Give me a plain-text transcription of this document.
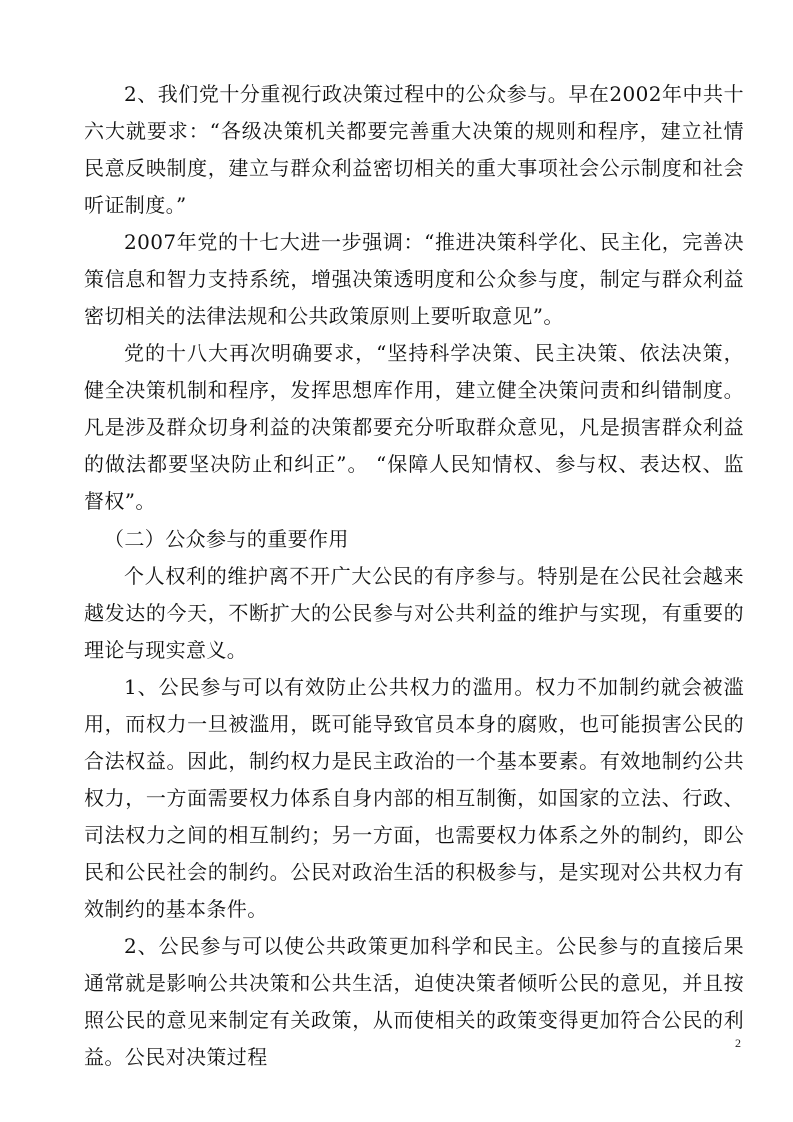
2、我们党十分重视行政决策过程中的公众参与。早在2002年中共十六大就要求：“各级决策机关都要完善重大决策的规则和程序，建立社情民意反映制度，建立与群众利益密切相关的重大事项社会公示制度和社会听证制度。”

2007年党的十七大进一步强调：“推进决策科学化、民主化，完善决策信息和智力支持系统，增强决策透明度和公众参与度，制定与群众利益密切相关的法律法规和公共政策原则上要听取意见”。

党的十八大再次明确要求，“坚持科学决策、民主决策、依法决策，健全决策机制和程序，发挥思想库作用，建立健全决策问责和纠错制度。凡是涉及群众切身利益的决策都要充分听取群众意见，凡是损害群众利益的做法都要坚决防止和纠正”。 “保障人民知情权、参与权、表达权、监督权”。

（二）公众参与的重要作用

个人权利的维护离不开广大公民的有序参与。特别是在公民社会越来越发达的今天，不断扩大的公民参与对公共利益的维护与实现，有重要的理论与现实意义。

1、公民参与可以有效防止公共权力的滥用。权力不加制约就会被滥用，而权力一旦被滥用，既可能导致官员本身的腐败，也可能损害公民的合法权益。因此，制约权力是民主政治的一个基本要素。有效地制约公共权力，一方面需要权力体系自身内部的相互制衡，如国家的立法、行政、司法权力之间的相互制约；另一方面，也需要权力体系之外的制约，即公民和公民社会的制约。公民对政治生活的积极参与，是实现对公共权力有效制约的基本条件。

2、公民参与可以使公共政策更加科学和民主。公民参与的直接后果通常就是影响公共决策和公共生活，迫使决策者倾听公民的意见，并且按照公民的意见来制定有关政策，从而使相关的政策变得更加符合公民的利益。公民对决策过程

2
